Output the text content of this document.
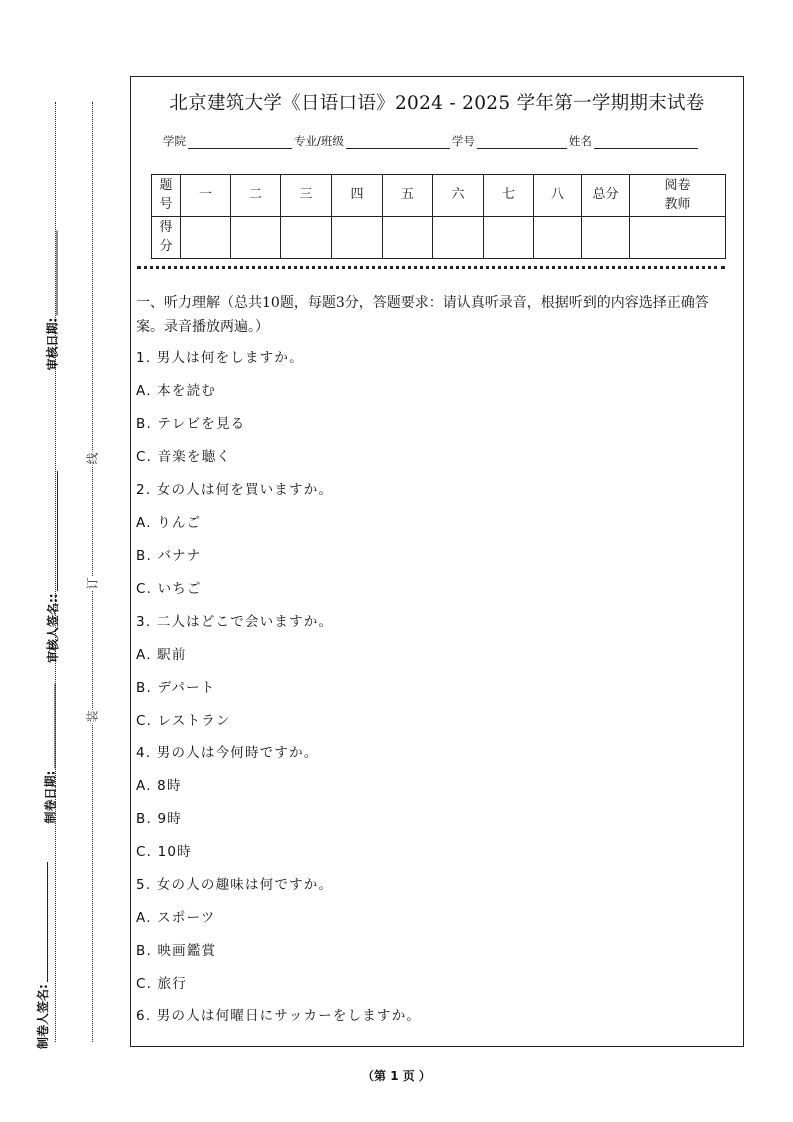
审核日期:
审核人签名::
制卷日期:
制卷人签名:
线
订
装
北京建筑大学《日语口语》2024 - 2025 学年第一学期期末试卷
学院	专业/班级	学号	姓名
题号	一	二	三	四	五	六	七	八	总分	阅卷教师
得分										
一、听力理解（总共10题，每题3分，答题要求：请认真听录音，根据听到的内容选择正确答案。录音播放两遍。）
1. 男人は何をしますか。
A. 本を読む
B. テレビを見る
C. 音楽を聴く
2. 女の人は何を買いますか。
A. りんご
B. バナナ
C. いちご
3. 二人はどこで会いますか。
A. 駅前
B. デパート
C. レストラン
4. 男の人は今何時ですか。
A. 8時
B. 9時
C. 10時
5. 女の人の趣味は何ですか。
A. スポーツ
B. 映画鑑賞
C. 旅行
6. 男の人は何曜日にサッカーをしますか。
（第 1 页 ）
